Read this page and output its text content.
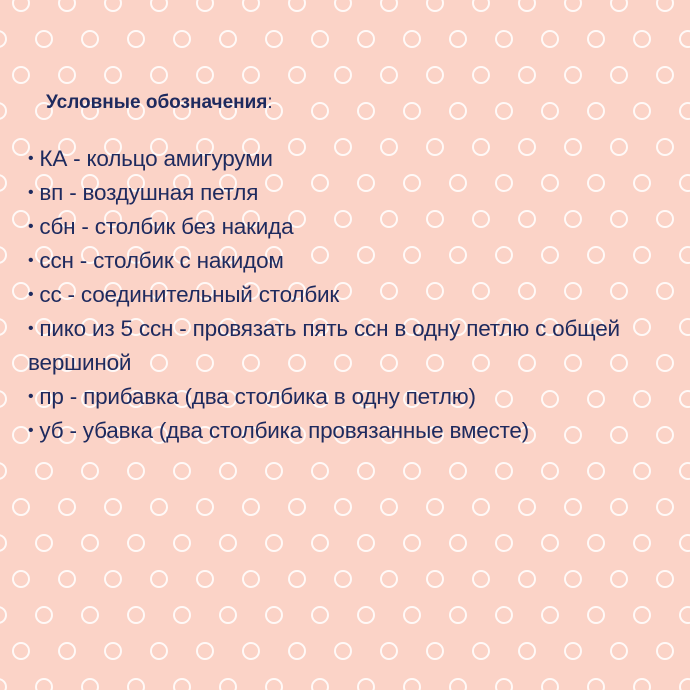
Условные обозначения:
• КА - кольцо амигуруми
• вп - воздушная петля
• сбн - столбик без накида
• ссн - столбик с накидом
• сс - соединительный столбик
• пико из 5 ссн - провязать пять ссн в одну петлю с общей вершиной
• пр - прибавка (два столбика в одну петлю)
• уб - убавка (два столбика провязанные вместе)
